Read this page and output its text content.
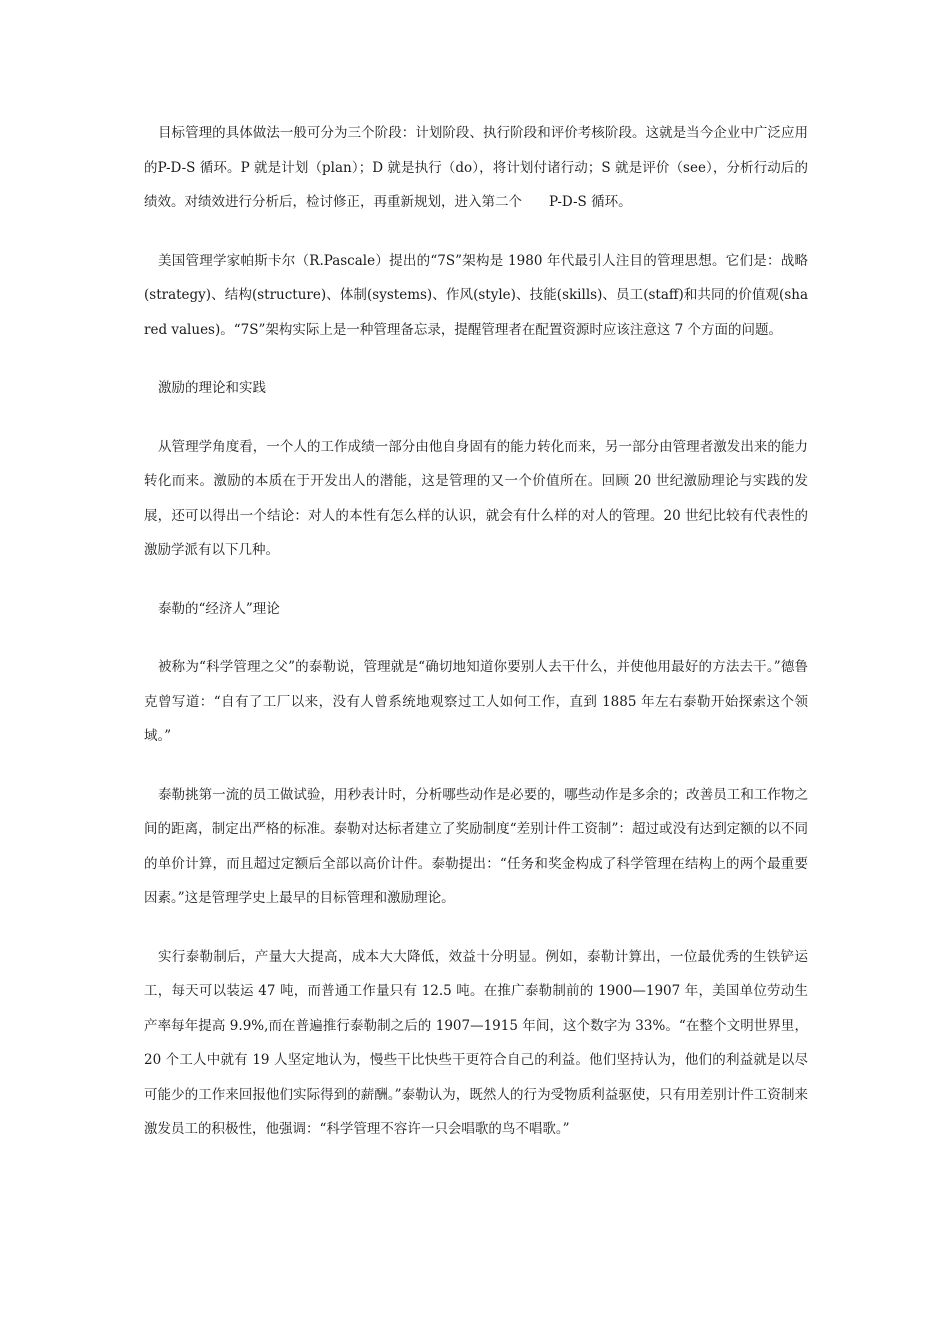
目标管理的具体做法一般可分为三个阶段：计划阶段、执行阶段和评价考核阶段。这就是当今企业中广泛应用的P-D-S 循环。P 就是计划（plan）；D 就是执行（do），将计划付诸行动；S 就是评价（see），分析行动后的绩效。对绩效进行分析后，检讨修正，再重新规划，进入第二个　　P-D-S 循环。

美国管理学家帕斯卡尔（R.Pascale）提出的“7S”架构是 1980 年代最引人注目的管理思想。它们是：战略(strategy)、结构(structure)、体制(systems)、作风(style)、技能(skills)、员工(staff)和共同的价值观(shared values)。“7S”架构实际上是一种管理备忘录，提醒管理者在配置资源时应该注意这 7 个方面的问题。

激励的理论和实践

从管理学角度看，一个人的工作成绩一部分由他自身固有的能力转化而来，另一部分由管理者激发出来的能力转化而来。激励的本质在于开发出人的潜能，这是管理的又一个价值所在。回顾 20 世纪激励理论与实践的发展，还可以得出一个结论：对人的本性有怎么样的认识，就会有什么样的对人的管理。20 世纪比较有代表性的激励学派有以下几种。

泰勒的“经济人”理论

被称为“科学管理之父”的泰勒说，管理就是“确切地知道你要别人去干什么，并使他用最好的方法去干。”德鲁克曾写道：“自有了工厂以来，没有人曾系统地观察过工人如何工作，直到 1885 年左右泰勒开始探索这个领域。”

泰勒挑第一流的员工做试验，用秒表计时，分析哪些动作是必要的，哪些动作是多余的；改善员工和工作物之间的距离，制定出严格的标准。泰勒对达标者建立了奖励制度“差别计件工资制”：超过或没有达到定额的以不同的单价计算，而且超过定额后全部以高价计件。泰勒提出：“任务和奖金构成了科学管理在结构上的两个最重要因素。”这是管理学史上最早的目标管理和激励理论。

实行泰勒制后，产量大大提高，成本大大降低，效益十分明显。例如，泰勒计算出，一位最优秀的生铁铲运工，每天可以装运 47 吨，而普通工作量只有 12.5 吨。在推广泰勒制前的 1900—1907 年，美国单位劳动生产率每年提高 9.9%,而在普遍推行泰勒制之后的 1907—1915 年间，这个数字为 33%。“在整个文明世界里，20 个工人中就有 19 人坚定地认为，慢些干比快些干更符合自己的利益。他们坚持认为，他们的利益就是以尽可能少的工作来回报他们实际得到的薪酬。”泰勒认为，既然人的行为受物质利益驱使，只有用差别计件工资制来激发员工的积极性，他强调：“科学管理不容许一只会唱歌的鸟不唱歌。”
